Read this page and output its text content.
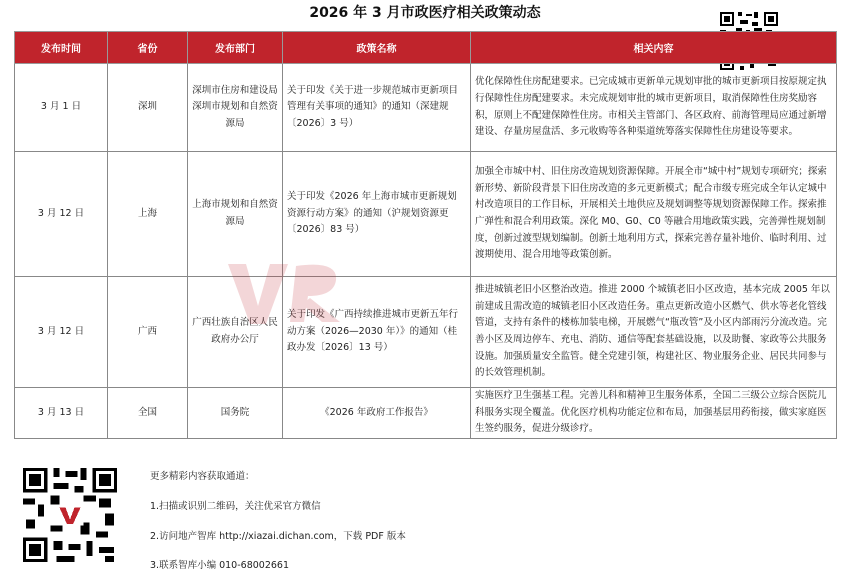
2026 年 3 月市政医疗相关政策动态
发布时间	省份	发布部门	政策名称	相关内容
3 月 1 日	深圳	深圳市住房和建设局 深圳市规划和自然资源局	关于印发《关于进一步规范城市更新项目管理有关事项的通知》的通知（深建规〔2026〕3 号）	优化保障性住房配建要求。已完成城市更新单元规划审批的城市更新项目按原规定执行保障性住房配建要求。未完成规划审批的城市更新项目，取消保障性住房奖励容积，原则上不配建保障性住房。市相关主管部门、各区政府、前海管理局应通过新增建设、存量房屋盘活、多元收购等各种渠道统筹落实保障性住房建设等要求。
3 月 12 日	上海	上海市规划和自然资源局	关于印发《2026 年上海市城市更新规划资源行动方案》的通知（沪规划资源更〔2026〕83 号）	加强全市城中村、旧住房改造规划资源保障。开展全市“城中村”规划专项研究；探索新形势、新阶段背景下旧住房改造的多元更新模式；配合市级专班完成全年认定城中村改造项目的工作目标，开展相关土地供应及规划调整等规划资源保障工作。探索推广弹性和混合利用政策。深化 M0、G0、C0 等融合用地政策实践，完善弹性规划制度，创新过渡型规划编制。创新土地利用方式，探索完善存量补地价、临时利用、过渡期使用、混合用地等政策创新。
3 月 12 日	广西	广西壮族自治区人民政府办公厅	关于印发《广西持续推进城市更新五年行动方案（2026—2030 年）》的通知（桂政办发〔2026〕13 号）	推进城镇老旧小区整治改造。推进 2000 个城镇老旧小区改造，基本完成 2005 年以前建成且需改造的城镇老旧小区改造任务。重点更新改造小区燃气、供水等老化管线管道，支持有条件的楼栋加装电梯，开展燃气“瓶改管”及小区内部雨污分流改造。完善小区及周边停车、充电、消防、通信等配套基础设施，以及助餐、家政等公共服务设施。加强质量安全监管。健全党建引领，构建社区、物业服务企业、居民共同参与的长效管理机制。
3 月 13 日	全国	国务院	《2026 年政府工作报告》	实施医疗卫生强基工程。完善儿科和精神卫生服务体系，全国二三级公立综合医院儿科服务实现全覆盖。优化医疗机构功能定位和布局，加强基层用药衔接，做实家庭医生签约服务，促进分级诊疗。
更多精彩内容获取通道：
1.扫描或识别二维码，关注优采官方微信
2.访问地产智库 http://xiazai.dichan.com，下载 PDF 版本
3.联系智库小编 010-68002661
